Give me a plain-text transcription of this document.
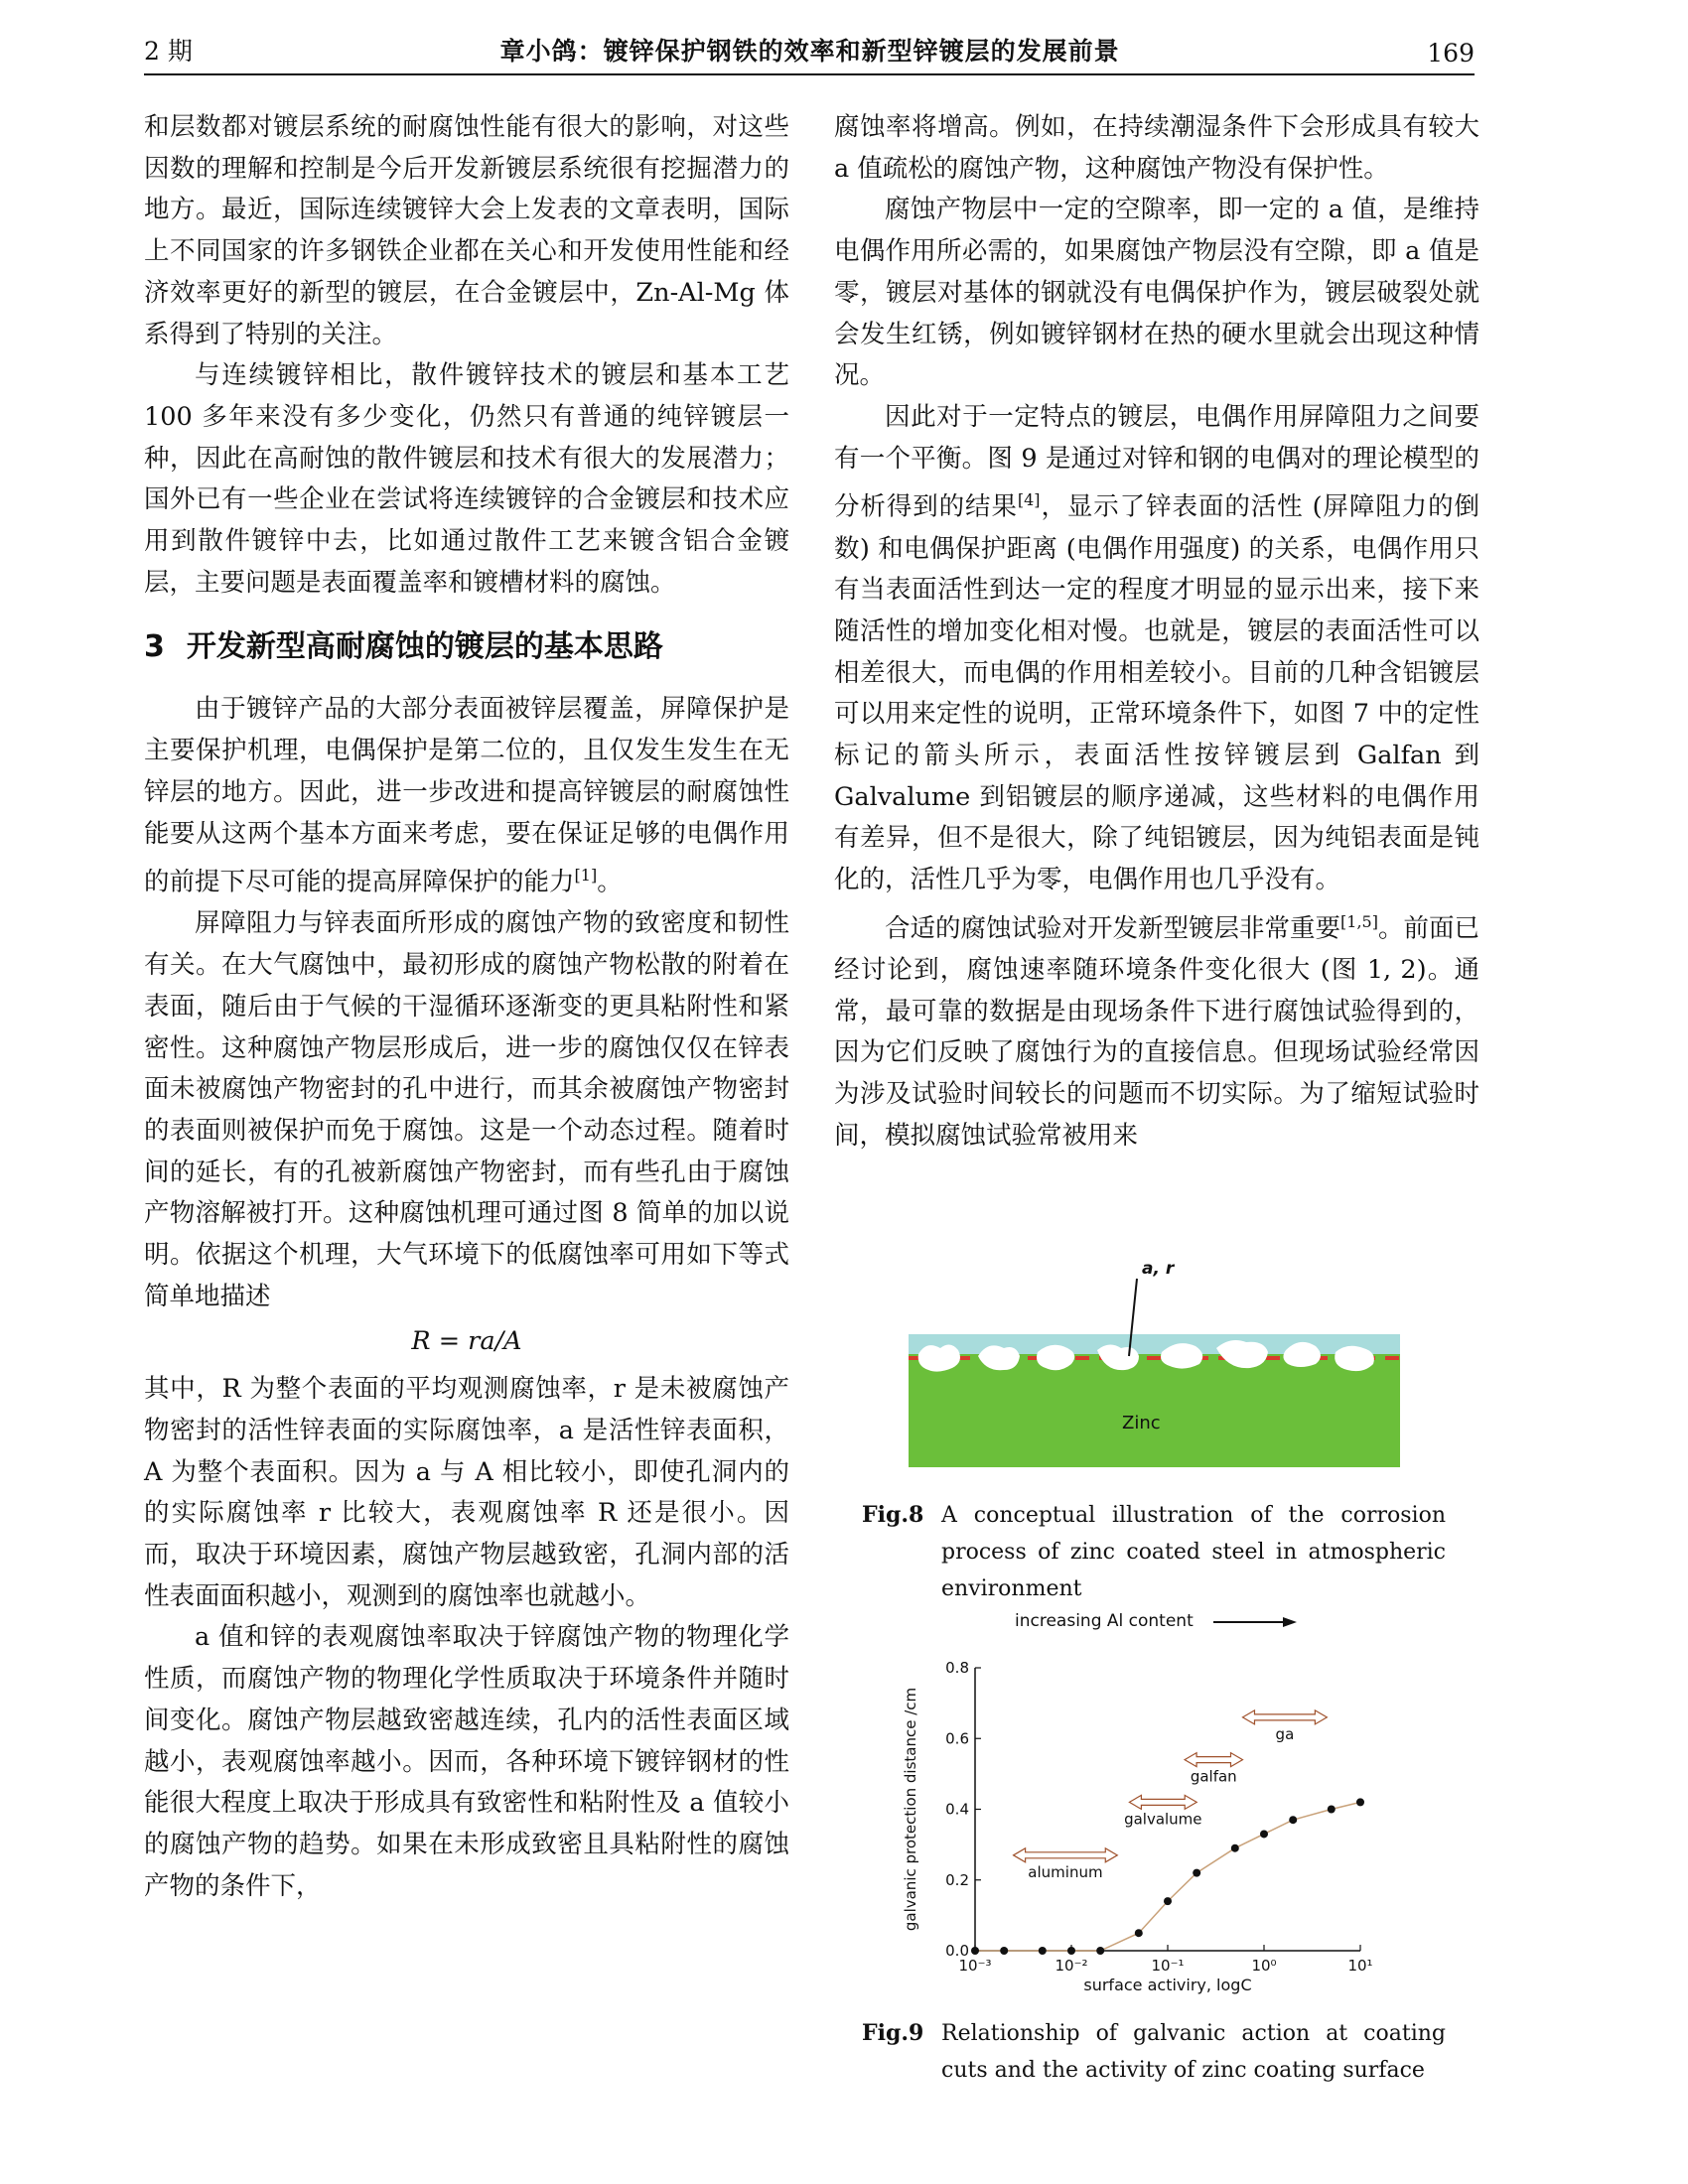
2 期	章小鸽：镀锌保护钢铁的效率和新型锌镀层的发展前景	169

和层数都对镀层系统的耐腐蚀性能有很大的影响，对这些因数的理解和控制是今后开发新镀层系统很有挖掘潜力的地方。最近，国际连续镀锌大会上发表的文章表明，国际上不同国家的许多钢铁企业都在关心和开发使用性能和经济效率更好的新型的镀层，在合金镀层中，Zn-Al-Mg 体系得到了特别的关注。

与连续镀锌相比，散件镀锌技术的镀层和基本工艺 100 多年来没有多少变化，仍然只有普通的纯锌镀层一种，因此在高耐蚀的散件镀层和技术有很大的发展潜力；国外已有一些企业在尝试将连续镀锌的合金镀层和技术应用到散件镀锌中去，比如通过散件工艺来镀含铝合金镀层，主要问题是表面覆盖率和镀槽材料的腐蚀。

3 开发新型高耐腐蚀的镀层的基本思路

由于镀锌产品的大部分表面被锌层覆盖，屏障保护是主要保护机理，电偶保护是第二位的，且仅发生发生在无锌层的地方。因此，进一步改进和提高锌镀层的耐腐蚀性能要从这两个基本方面来考虑，要在保证足够的电偶作用的前提下尽可能的提高屏障保护的能力[1]。

屏障阻力与锌表面所形成的腐蚀产物的致密度和韧性有关。在大气腐蚀中，最初形成的腐蚀产物松散的附着在表面，随后由于气候的干湿循环逐渐变的更具粘附性和紧密性。这种腐蚀产物层形成后，进一步的腐蚀仅仅在锌表面未被腐蚀产物密封的孔中进行，而其余被腐蚀产物密封的表面则被保护而免于腐蚀。这是一个动态过程。随着时间的延长，有的孔被新腐蚀产物密封，而有些孔由于腐蚀产物溶解被打开。这种腐蚀机理可通过图 8 简单的加以说明。依据这个机理，大气环境下的低腐蚀率可用如下等式简单地描述

R = ra/A

其中，R 为整个表面的平均观测腐蚀率，r 是未被腐蚀产物密封的活性锌表面的实际腐蚀率，a 是活性锌表面积，A 为整个表面积。因为 a 与 A 相比较小，即使孔洞内的的实际腐蚀率 r 比较大，表观腐蚀率 R 还是很小。因而，取决于环境因素，腐蚀产物层越致密，孔洞内部的活性表面面积越小，观测到的腐蚀率也就越小。

a 值和锌的表观腐蚀率取决于锌腐蚀产物的物理化学性质，而腐蚀产物的物理化学性质取决于环境条件并随时间变化。腐蚀产物层越致密越连续，孔内的活性表面区域越小，表观腐蚀率越小。因而，各种环境下镀锌钢材的性能很大程度上取决于形成具有致密性和粘附性及 a 值较小的腐蚀产物的趋势。如果在未形成致密且具粘附性的腐蚀产物的条件下，

腐蚀率将增高。例如，在持续潮湿条件下会形成具有较大 a 值疏松的腐蚀产物，这种腐蚀产物没有保护性。

腐蚀产物层中一定的空隙率，即一定的 a 值，是维持电偶作用所必需的，如果腐蚀产物层没有空隙，即 a 值是零，镀层对基体的钢就没有电偶保护作为，镀层破裂处就会发生红锈，例如镀锌钢材在热的硬水里就会出现这种情况。

因此对于一定特点的镀层，电偶作用屏障阻力之间要有一个平衡。图 9 是通过对锌和钢的电偶对的理论模型的分析得到的结果[4]，显示了锌表面的活性 (屏障阻力的倒数) 和电偶保护距离 (电偶作用强度) 的关系，电偶作用只有当表面活性到达一定的程度才明显的显示出来，接下来随活性的增加变化相对慢。也就是，镀层的表面活性可以相差很大，而电偶的作用相差较小。目前的几种含铝镀层可以用来定性的说明，正常环境条件下，如图 7 中的定性标记的箭头所示，表面活性按锌镀层到 Galfan 到 Galvalume 到铝镀层的顺序递减，这些材料的电偶作用有差异，但不是很大，除了纯铝镀层，因为纯铝表面是钝化的，活性几乎为零，电偶作用也几乎没有。

合适的腐蚀试验对开发新型镀层非常重要[1,5]。前面已经讨论到，腐蚀速率随环境条件变化很大 (图 1, 2)。通常，最可靠的数据是由现场条件下进行腐蚀试验得到的，因为它们反映了腐蚀行为的直接信息。但现场试验经常因为涉及试验时间较长的问题而不切实际。为了缩短试验时间，模拟腐蚀试验常被用来

a, r
Zinc
Fig.8 A conceptual illustration of the corrosion process of zinc coated steel in atmospheric environment
increasing Al content
0.0
0.2
0.4
0.6
0.8
10⁻³	10⁻²	10⁻¹	10⁰	10¹
surface activiry, logC
galvanic protection distance /cm	aluminum
galvalume
galfan
ga
Fig.9 Relationship of galvanic action at coating cuts and the activity of zinc coating surface
